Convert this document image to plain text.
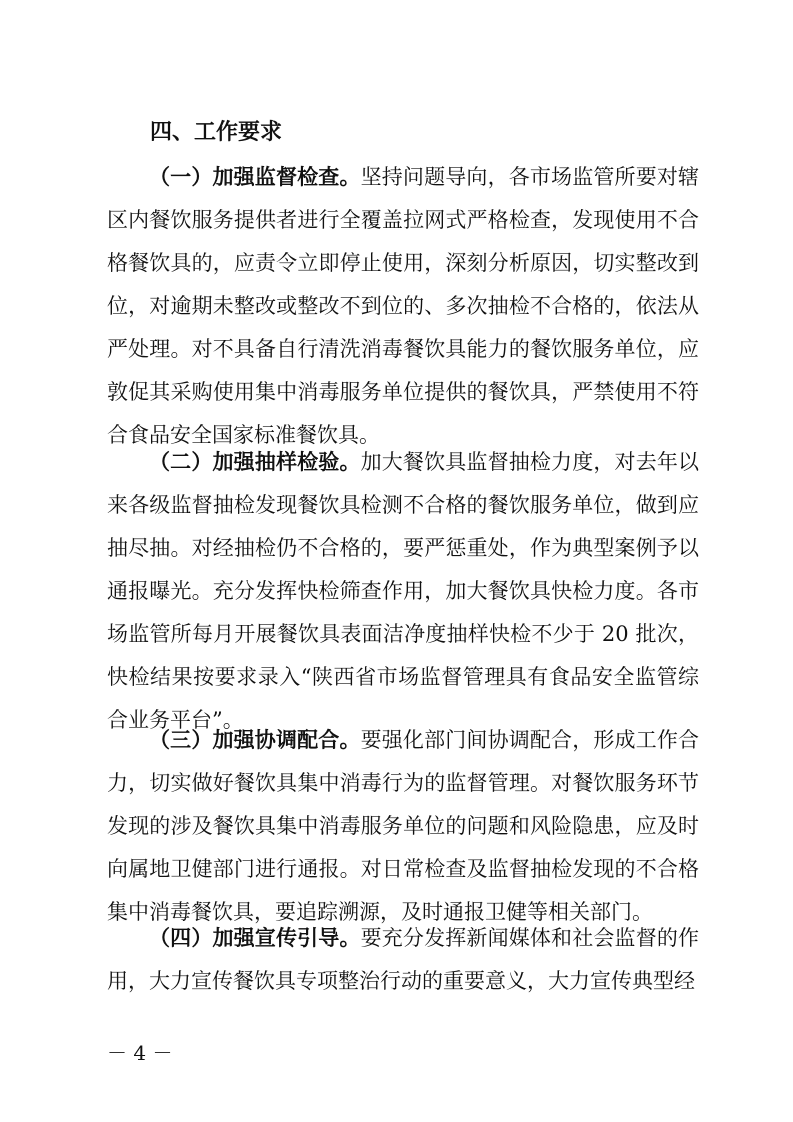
四、工作要求

（一）加强监督检查。坚持问题导向，各市场监管所要对辖区内餐饮服务提供者进行全覆盖拉网式严格检查，发现使用不合格餐饮具的，应责令立即停止使用，深刻分析原因，切实整改到位，对逾期未整改或整改不到位的、多次抽检不合格的，依法从严处理。对不具备自行清洗消毒餐饮具能力的餐饮服务单位，应敦促其采购使用集中消毒服务单位提供的餐饮具，严禁使用不符合食品安全国家标准餐饮具。

（二）加强抽样检验。加大餐饮具监督抽检力度，对去年以来各级监督抽检发现餐饮具检测不合格的餐饮服务单位，做到应抽尽抽。对经抽检仍不合格的，要严惩重处，作为典型案例予以通报曝光。充分发挥快检筛查作用，加大餐饮具快检力度。各市场监管所每月开展餐饮具表面洁净度抽样快检不少于 20 批次，快检结果按要求录入“陕西省市场监督管理具有食品安全监管综合业务平台”。

（三）加强协调配合。要强化部门间协调配合，形成工作合力，切实做好餐饮具集中消毒行为的监督管理。对餐饮服务环节发现的涉及餐饮具集中消毒服务单位的问题和风险隐患，应及时向属地卫健部门进行通报。对日常检查及监督抽检发现的不合格集中消毒餐饮具，要追踪溯源，及时通报卫健等相关部门。

（四）加强宣传引导。要充分发挥新闻媒体和社会监督的作用，大力宣传餐饮具专项整治行动的重要意义，大力宣传典型经

－ 4 －
